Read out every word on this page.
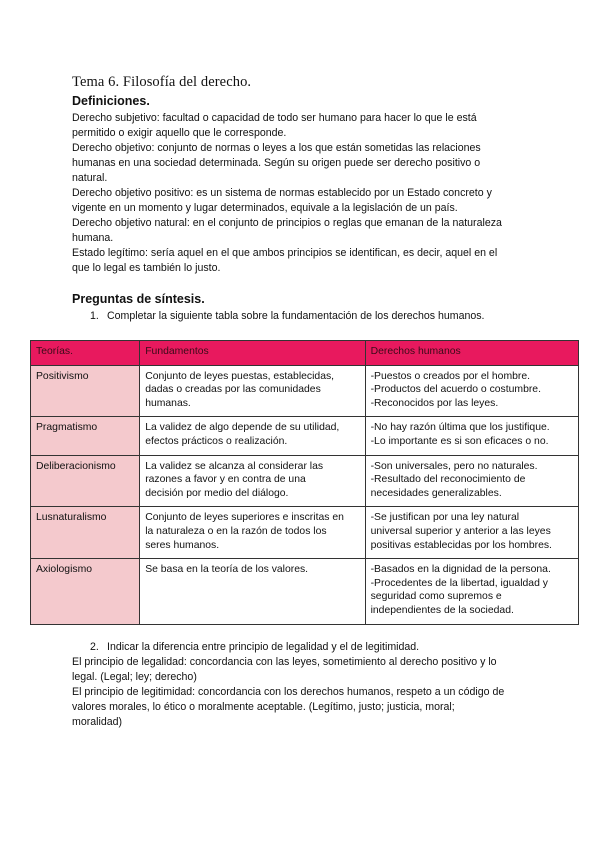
Tema 6. Filosofía del derecho.
Definiciones.

Derecho subjetivo: facultad o capacidad de todo ser humano para hacer lo que le está

permitido o exigir aquello que le corresponde.

Derecho objetivo: conjunto de normas o leyes a los que están sometidas las relaciones

humanas en una sociedad determinada. Según su origen puede ser derecho positivo o

natural.

Derecho objetivo positivo: es un sistema de normas establecido por un Estado concreto y

vigente en un momento y lugar determinados, equivale a la legislación de un país.

Derecho objetivo natural: en el conjunto de principios o reglas que emanan de la naturaleza

humana.

Estado legítimo: sería aquel en el que ambos principios se identifican, es decir, aquel en el

que lo legal es también lo justo.

Preguntas de síntesis.
1. Completar la siguiente tabla sobre la fundamentación de los derechos humanos.
Teorías.	Fundamentos	Derechos humanos
Positivismo	Conjunto de leyes puestas, establecidas,
dadas o creadas por las comunidades
humanas.	-Puestos o creados por el hombre.
-Productos del acuerdo o costumbre.
-Reconocidos por las leyes.

Pragmatismo	La validez de algo depende de su utilidad,
efectos prácticos o realización.	-No hay razón última que los justifique.
-Lo importante es si son eficaces o no.

Deliberacionismo	La validez se alcanza al considerar las
razones a favor y en contra de una
decisión por medio del diálogo.	-Son universales, pero no naturales.
-Resultado del reconocimiento de
necesidades generalizables.

Lusnaturalismo	Conjunto de leyes superiores e inscritas en
la naturaleza o en la razón de todos los
seres humanos.	-Se justifican por una ley natural
universal superior y anterior a las leyes
positivas establecidas por los hombres.

Axiologismo	Se basa en la teoría de los valores.	-Basados en la dignidad de la persona.
-Procedentes de la libertad, igualdad y
seguridad como supremos e
independientes de la sociedad.
2. Indicar la diferencia entre principio de legalidad y el de legitimidad.

El principio de legalidad: concordancia con las leyes, sometimiento al derecho positivo y lo

legal. (Legal; ley; derecho)

El principio de legitimidad: concordancia con los derechos humanos, respeto a un código de

valores morales, lo ético o moralmente aceptable. (Legítimo, justo; justicia, moral;

moralidad)
